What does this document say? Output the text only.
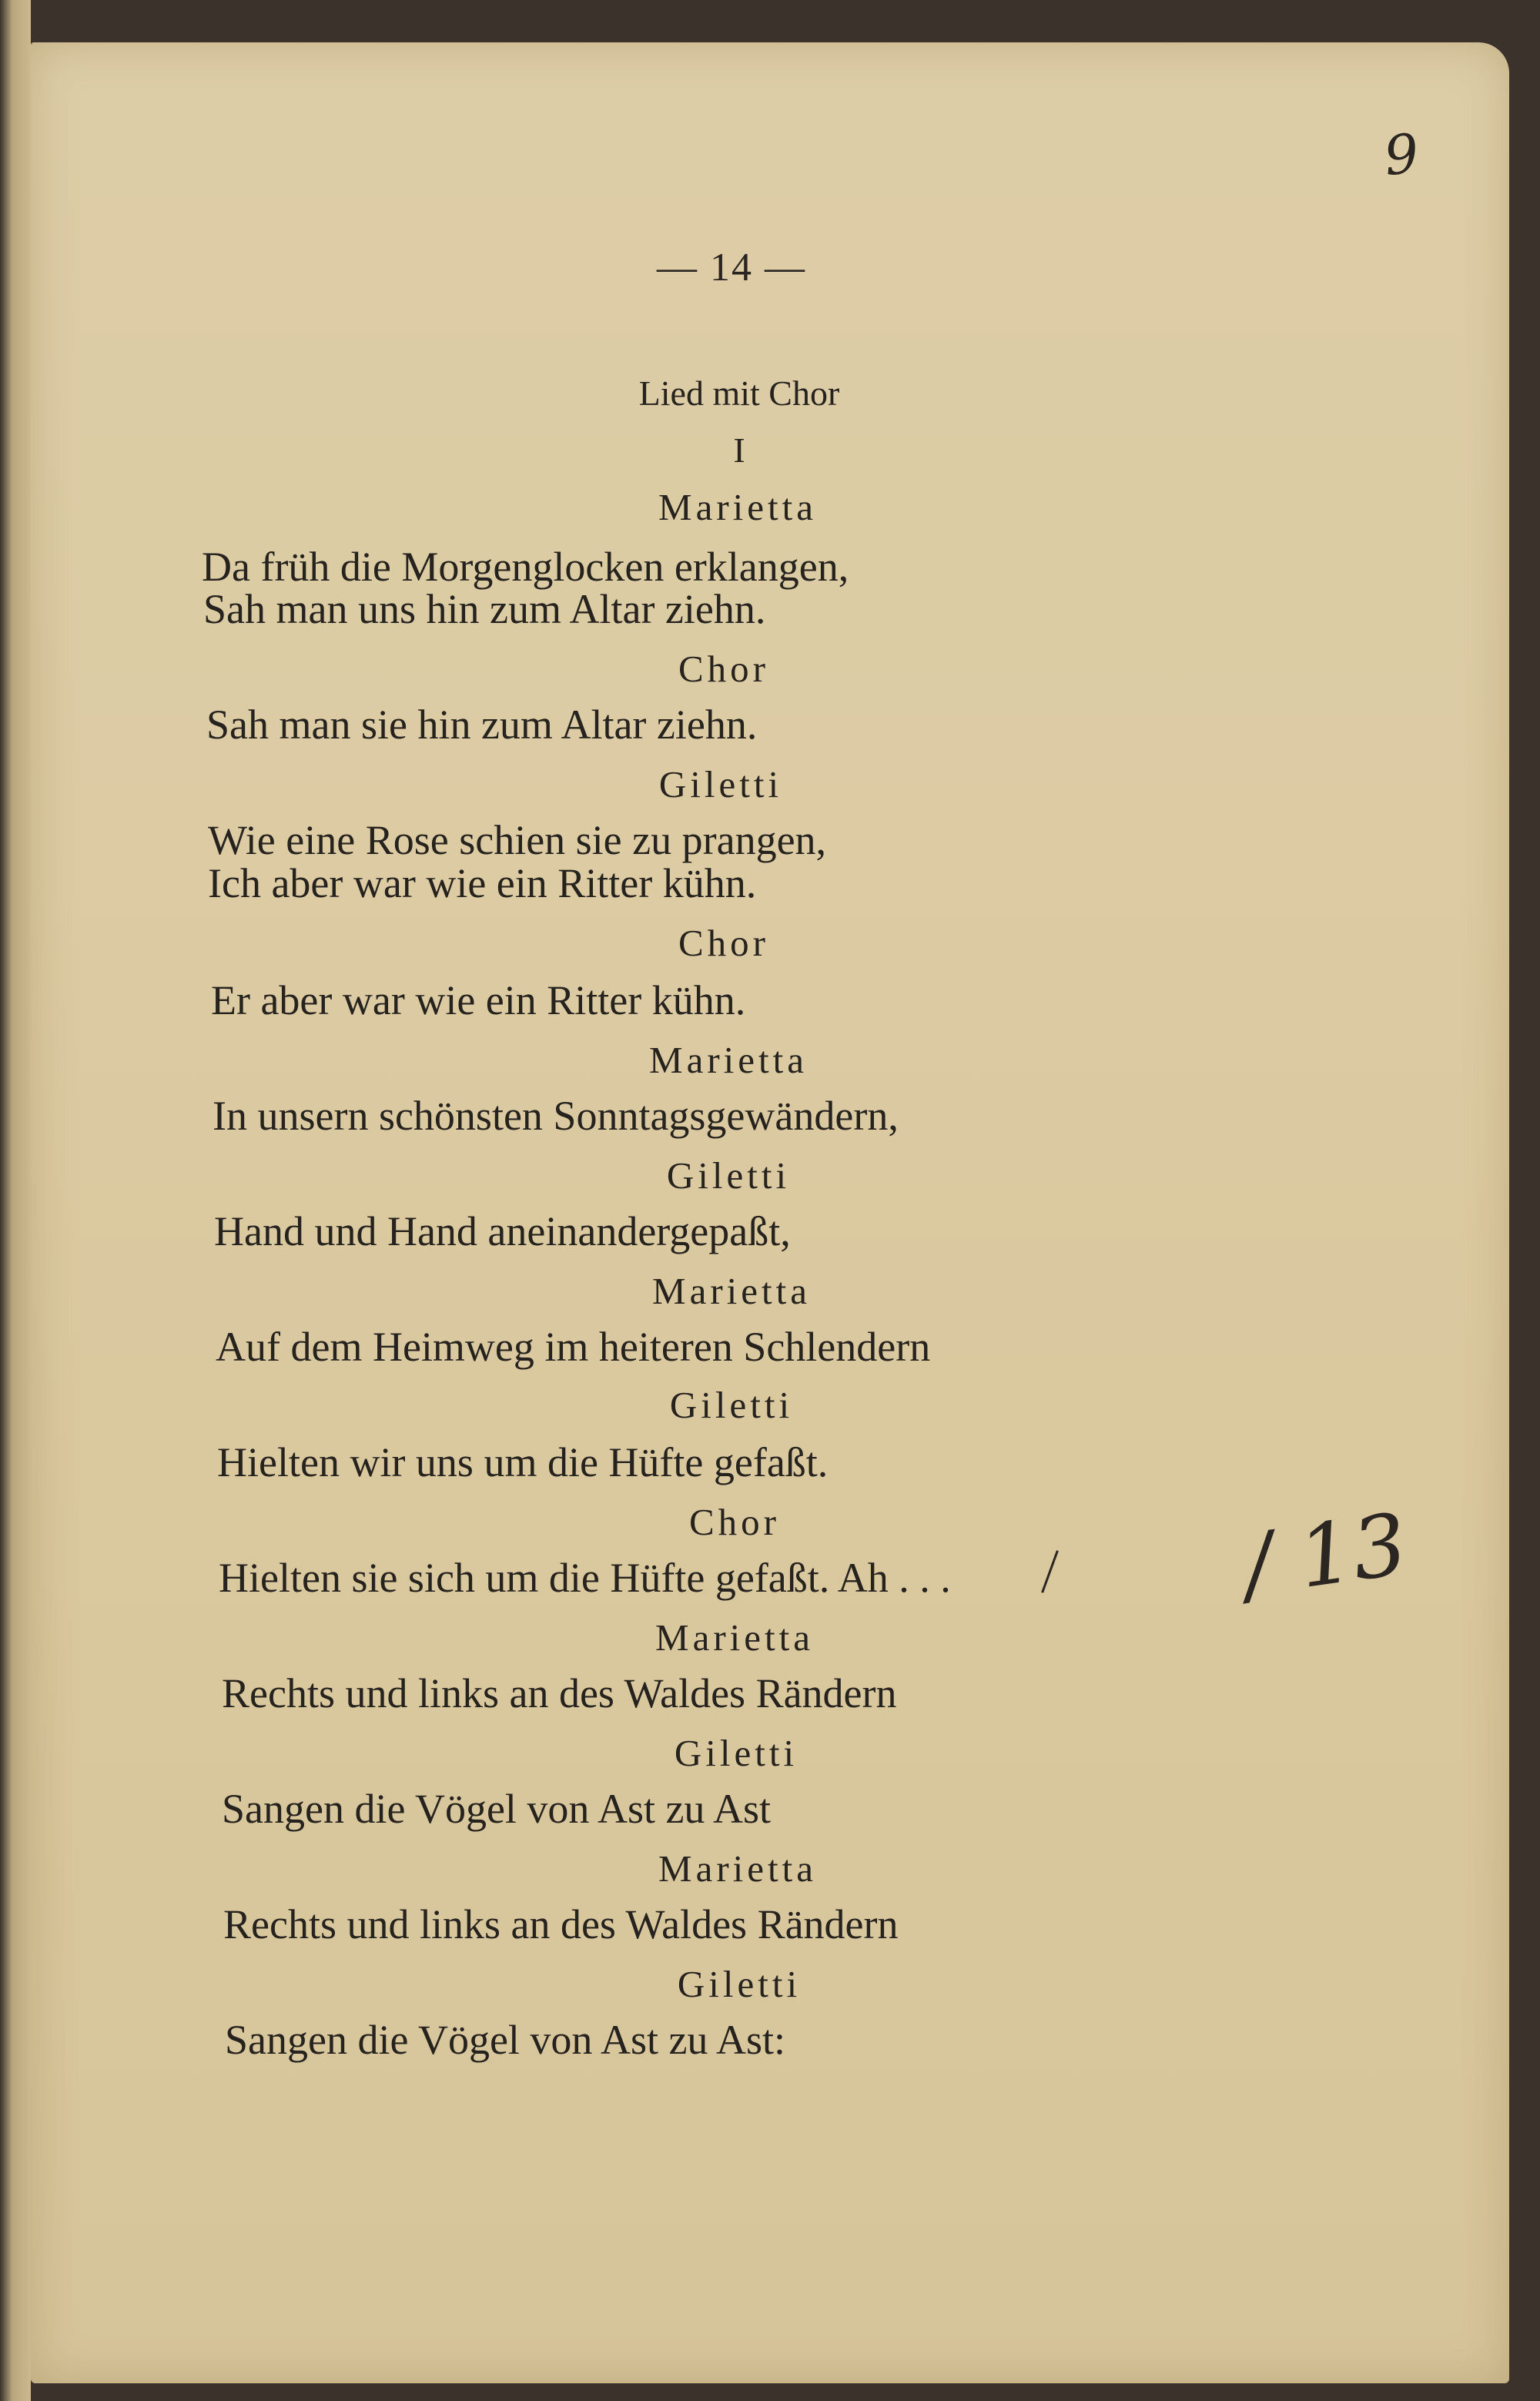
9
— 14 —
Lied mit Chor
I
Marietta
Da früh die Morgenglocken erklangen,
Sah man uns hin zum Altar ziehn.
Chor
Sah man sie hin zum Altar ziehn.
Giletti
Wie eine Rose schien sie zu prangen,
Ich aber war wie ein Ritter kühn.
Chor
Er aber war wie ein Ritter kühn.
Marietta
In unsern schönsten Sonntagsgewändern,
Giletti
Hand und Hand aneinandergepaßt,
Marietta
Auf dem Heimweg im heiteren Schlendern
Giletti
Hielten wir uns um die Hüfte gefaßt.
Chor
Hielten sie sich um die Hüfte gefaßt. Ah . . .
Marietta
Rechts und links an des Waldes Rändern
Giletti
Sangen die Vögel von Ast zu Ast
Marietta
Rechts und links an des Waldes Rändern
Giletti
Sangen die Vögel von Ast zu Ast:
/ 13
